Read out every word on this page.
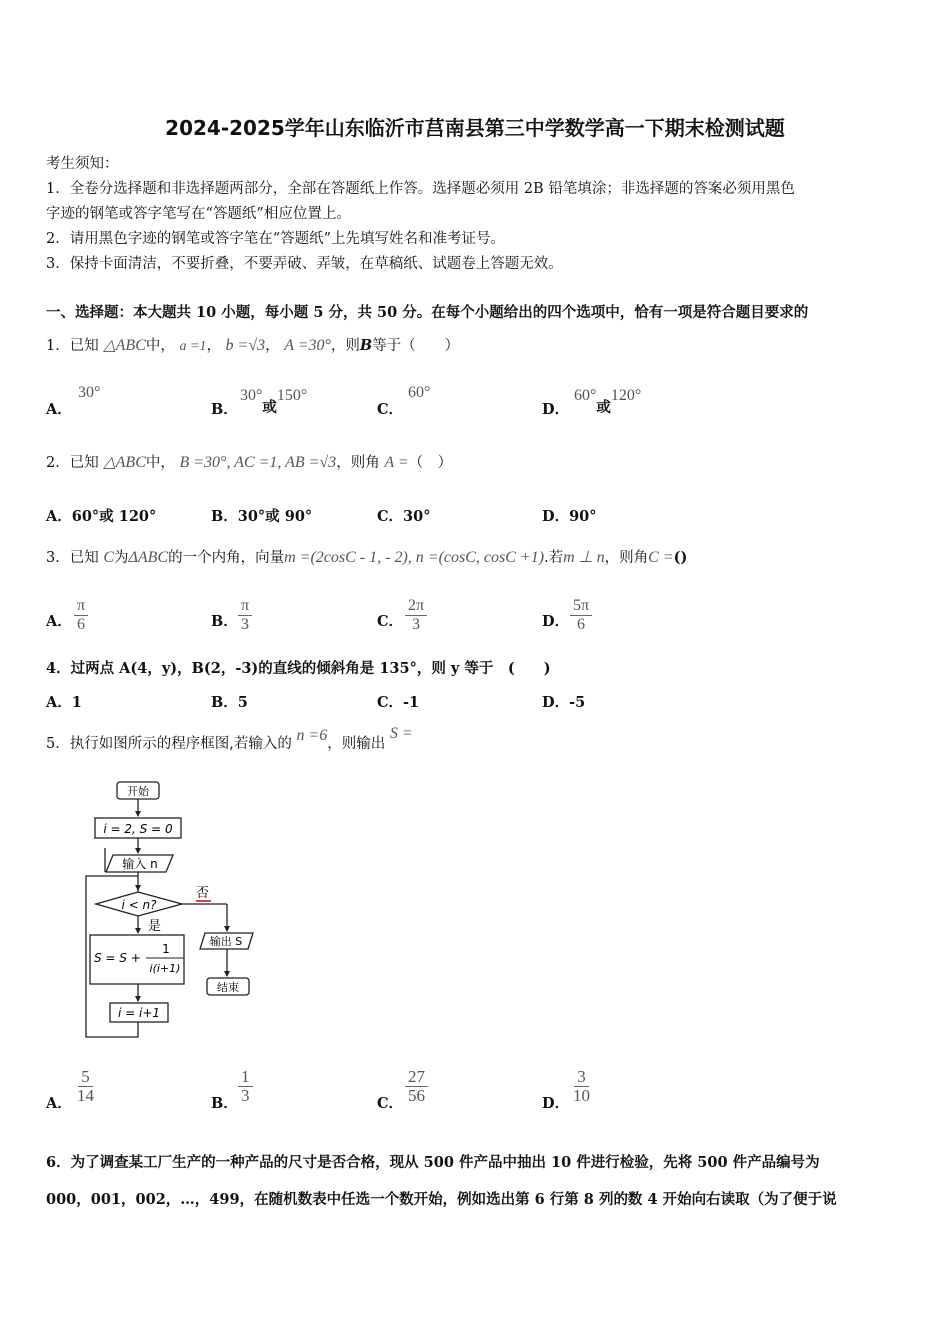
2024-2025学年山东临沂市莒南县第三中学数学高一下期末检测试题
考生须知：
1．全卷分选择题和非选择题两部分，全部在答题纸上作答。选择题必须用 2B 铅笔填涂；非选择题的答案必须用黑色
字迹的钢笔或答字笔写在“答题纸”相应位置上。
2．请用黑色字迹的钢笔或答字笔在“答题纸”上先填写姓名和准考证号。
3．保持卡面清洁，不要折叠，不要弄破、弄皱，在草稿纸、试题卷上答题无效。
一、选择题：本大题共 10 小题，每小题 5 分，共 50 分。在每个小题给出的四个选项中，恰有一项是符合题目要求的
1．已知 △ABC中， a =1， b =√3， A =30°，则B等于（　　）
A．
30°
B．
30°或150°
C．
60°
D．
60°或120°
2．已知 △ABC中， B =30°, AC =1, AB =√3，则角 A =（　）
A．60°或 120°	B．30°或 90°	C．30°	D．90°
3．已知 C为ΔABC的一个内角，向量m =(2cosC - 1, - 2), n =(cosC, cosC +1).若m ⊥ n，则角C =()
A． $\frac{\pi}{6}$	B． $\frac{\pi}{3}$	C． $\frac{2\pi}{3}$	D． $\frac{5\pi}{6}$
4．过两点 A(4，y)，B(2，-3)的直线的倾斜角是 135°，则 y 等于　(　　)
A．1	B．5	C．-1	D．-5
5．执行如图所示的程序框图,若输入的 n =6，则输出 S =
开始
i = 2, S = 0
输入 n
i < n?
否
是
输出 S
结束
S = S +
1
i(i+1)
i = i+1
A． $\frac{5}{14}$	B． $\frac{1}{3}$	C． $\frac{27}{56}$	D． $\frac{3}{10}$
6．为了调查某工厂生产的一种产品的尺寸是否合格，现从 500 件产品中抽出 10 件进行检验，先将 500 件产品编号为
000，001，002，…，499，在随机数表中任选一个数开始，例如选出第 6 行第 8 列的数 4 开始向右读取（为了便于说
